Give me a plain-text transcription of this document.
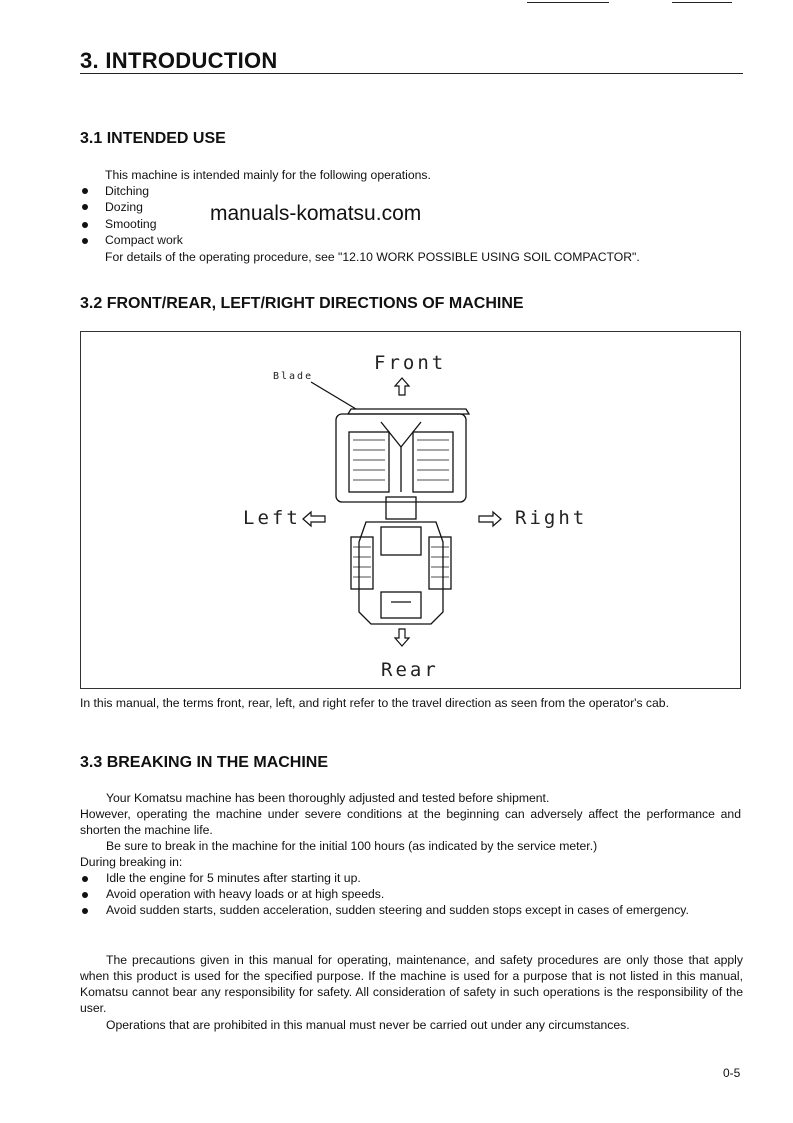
3. INTRODUCTION
3.1 INTENDED USE
This machine is intended mainly for the following operations.
Ditching
Dozing
Smooting
Compact work
For details of the operating procedure, see "12.10 WORK POSSIBLE USING SOIL COMPACTOR".
manuals-komatsu.com
3.2 FRONT/REAR, LEFT/RIGHT DIRECTIONS OF MACHINE
Front
Rear
Left	Right
Blade
In this manual, the terms front, rear, left, and right refer to the travel direction as seen from the operator's cab.
3.3 BREAKING IN THE MACHINE
Your Komatsu machine has been thoroughly adjusted and tested before shipment.
However, operating the machine under severe conditions at the beginning can adversely affect the performance and shorten the machine life.
Be sure to break in the machine for the initial 100 hours (as indicated by the service meter.)
During breaking in:
Idle the engine for 5 minutes after starting it up.
Avoid operation with heavy loads or at high speeds.
Avoid sudden starts, sudden acceleration, sudden steering and sudden stops except in cases of emergency.
The precautions given in this manual for operating, maintenance, and safety procedures are only those that apply when this product is used for the specified purpose. If the machine is used for a purpose that is not listed in this manual, Komatsu cannot bear any responsibility for safety. All consideration of safety in such operations is the responsibility of the user.
Operations that are prohibited in this manual must never be carried out under any circumstances.
0-5
